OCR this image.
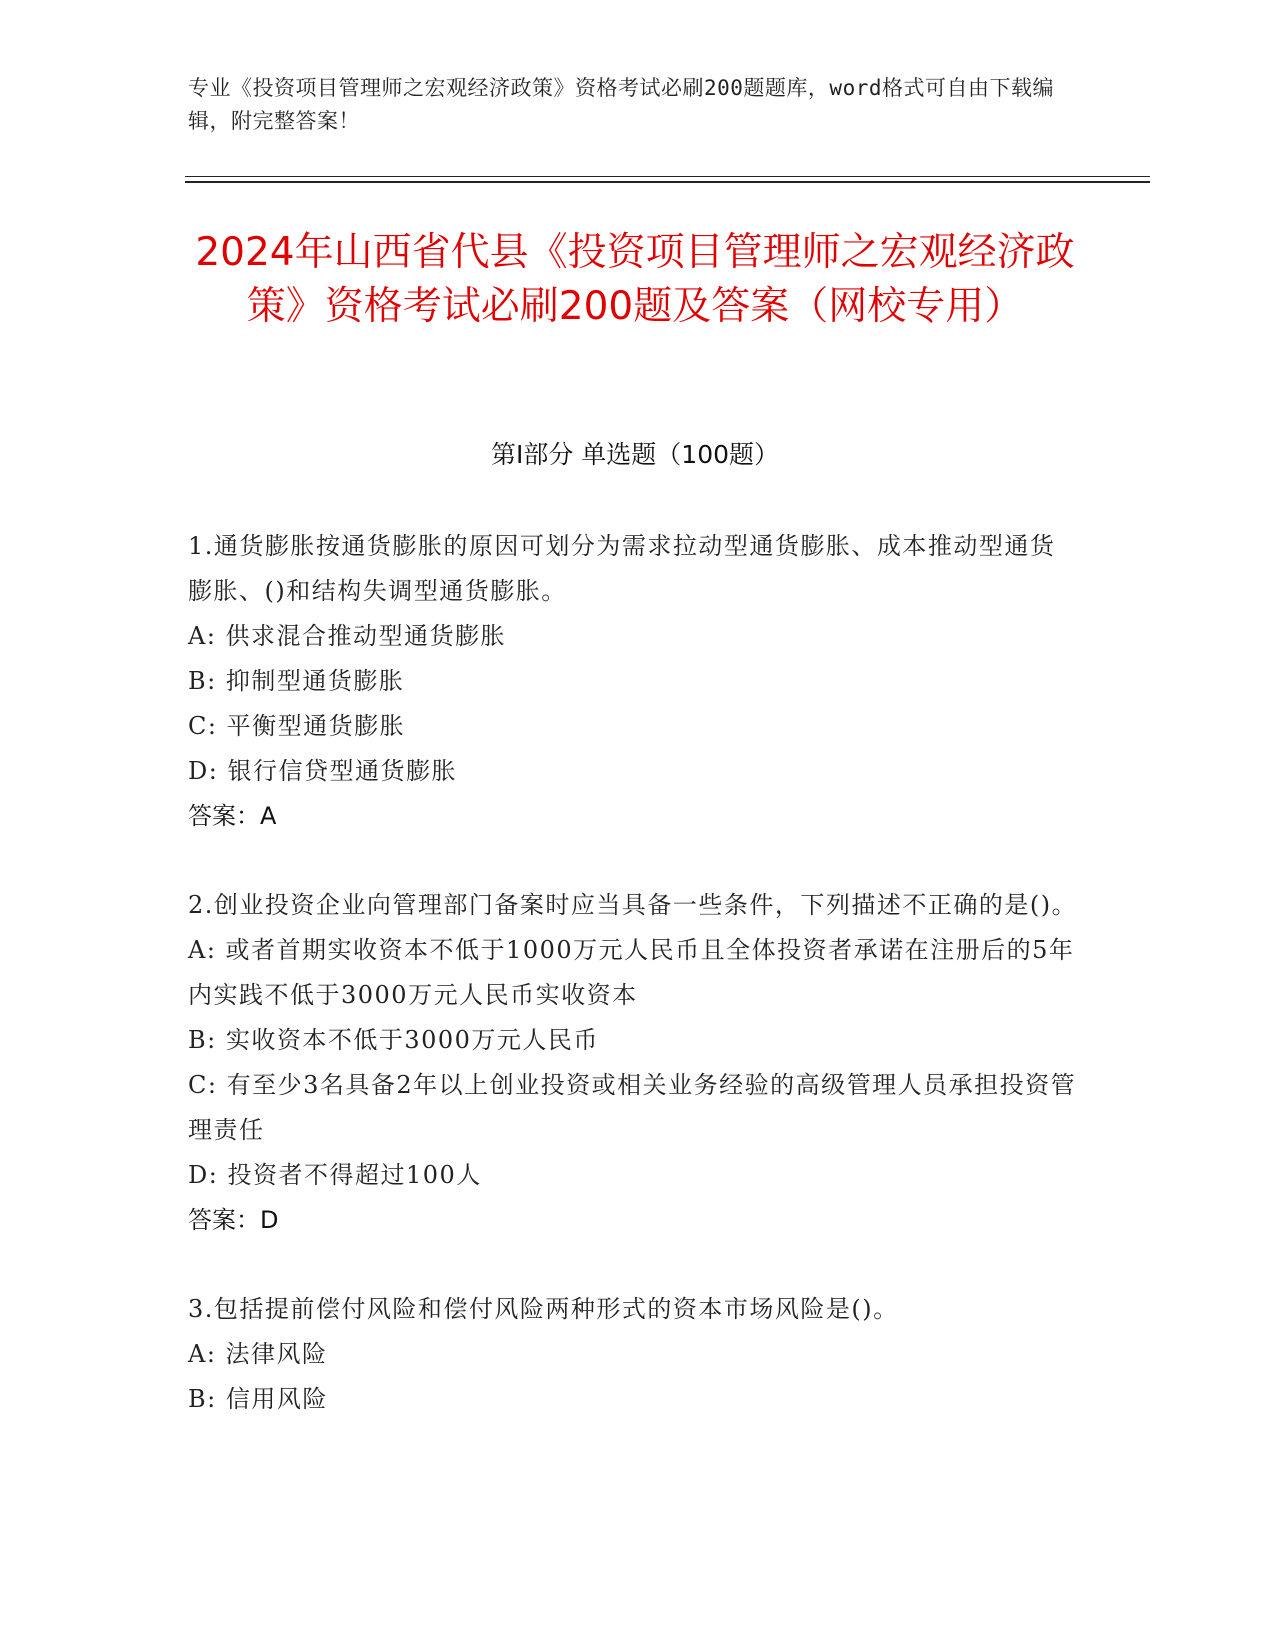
专业《投资项目管理师之宏观经济政策》资格考试必刷200题题库，word格式可自由下载编辑，附完整答案！
2024年山西省代县《投资项目管理师之宏观经济政策》资格考试必刷200题及答案（网校专用）
第I部分 单选题（100题）
1.通货膨胀按通货膨胀的原因可划分为需求拉动型通货膨胀、成本推动型通货膨胀、()和结构失调型通货膨胀。
A: 供求混合推动型通货膨胀
B: 抑制型通货膨胀
C: 平衡型通货膨胀
D: 银行信贷型通货膨胀
答案：A
2.创业投资企业向管理部门备案时应当具备一些条件，下列描述不正确的是()。
A: 或者首期实收资本不低于1000万元人民币且全体投资者承诺在注册后的5年内实践不低于3000万元人民币实收资本
B: 实收资本不低于3000万元人民币
C: 有至少3名具备2年以上创业投资或相关业务经验的高级管理人员承担投资管理责任
D: 投资者不得超过100人
答案：D
3.包括提前偿付风险和偿付风险两种形式的资本市场风险是()。
A: 法律风险
B: 信用风险
